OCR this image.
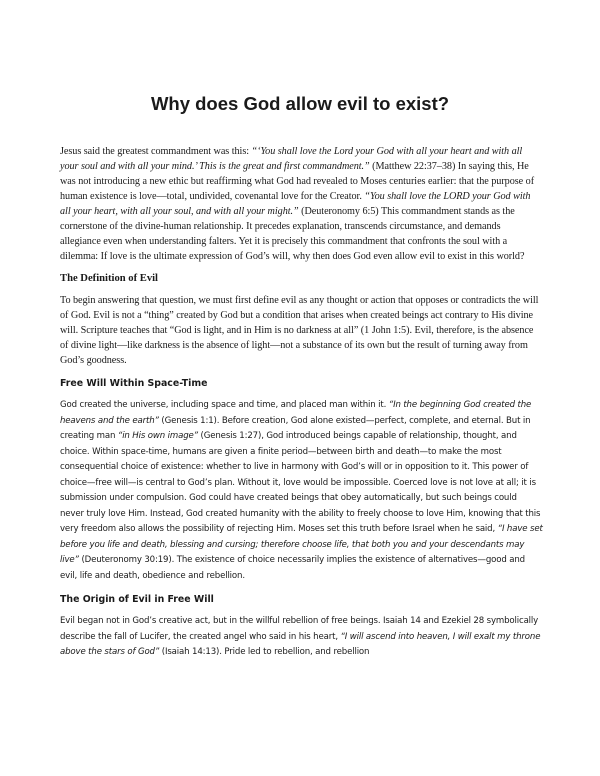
Why does God allow evil to exist?

Jesus said the greatest commandment was this: “‘You shall love the Lord your God with all your heart and with all your soul and with all your mind.’ This is the great and first commandment.” (Matthew 22:37–38) In saying this, He was not introducing a new ethic but reaffirming what God had revealed to Moses centuries earlier: that the purpose of human existence is love—total, undivided, covenantal love for the Creator. “You shall love the LORD your God with all your heart, with all your soul, and with all your might.” (Deuteronomy 6:5) This commandment stands as the cornerstone of the divine-human relationship. It precedes explanation, transcends circumstance, and demands allegiance even when understanding falters. Yet it is precisely this commandment that confronts the soul with a dilemma: If love is the ultimate expression of God’s will, why then does God even allow evil to exist in this world?

The Definition of Evil

To begin answering that question, we must first define evil as any thought or action that opposes or contradicts the will of God. Evil is not a “thing” created by God but a condition that arises when created beings act contrary to His divine will. Scripture teaches that “God is light, and in Him is no darkness at all” (1 John 1:5). Evil, therefore, is the absence of divine light—like darkness is the absence of light—not a substance of its own but the result of turning away from God’s goodness.

Free Will Within Space-Time

God created the universe, including space and time, and placed man within it. “In the beginning God created the heavens and the earth” (Genesis 1:1). Before creation, God alone existed—perfect, complete, and eternal. But in creating man “in His own image” (Genesis 1:27), God introduced beings capable of relationship, thought, and choice. Within space-time, humans are given a finite period—between birth and death—to make the most consequential choice of existence: whether to live in harmony with God’s will or in opposition to it. This power of choice—free will—is central to God’s plan. Without it, love would be impossible. Coerced love is not love at all; it is submission under compulsion. God could have created beings that obey automatically, but such beings could never truly love Him. Instead, God created humanity with the ability to freely choose to love Him, knowing that this very freedom also allows the possibility of rejecting Him. Moses set this truth before Israel when he said, “I have set before you life and death, blessing and cursing; therefore choose life, that both you and your descendants may live” (Deuteronomy 30:19). The existence of choice necessarily implies the existence of alternatives—good and evil, life and death, obedience and rebellion.

The Origin of Evil in Free Will

Evil began not in God’s creative act, but in the willful rebellion of free beings. Isaiah 14 and Ezekiel 28 symbolically describe the fall of Lucifer, the created angel who said in his heart, “I will ascend into heaven, I will exalt my throne above the stars of God” (Isaiah 14:13). Pride led to rebellion, and rebellion
